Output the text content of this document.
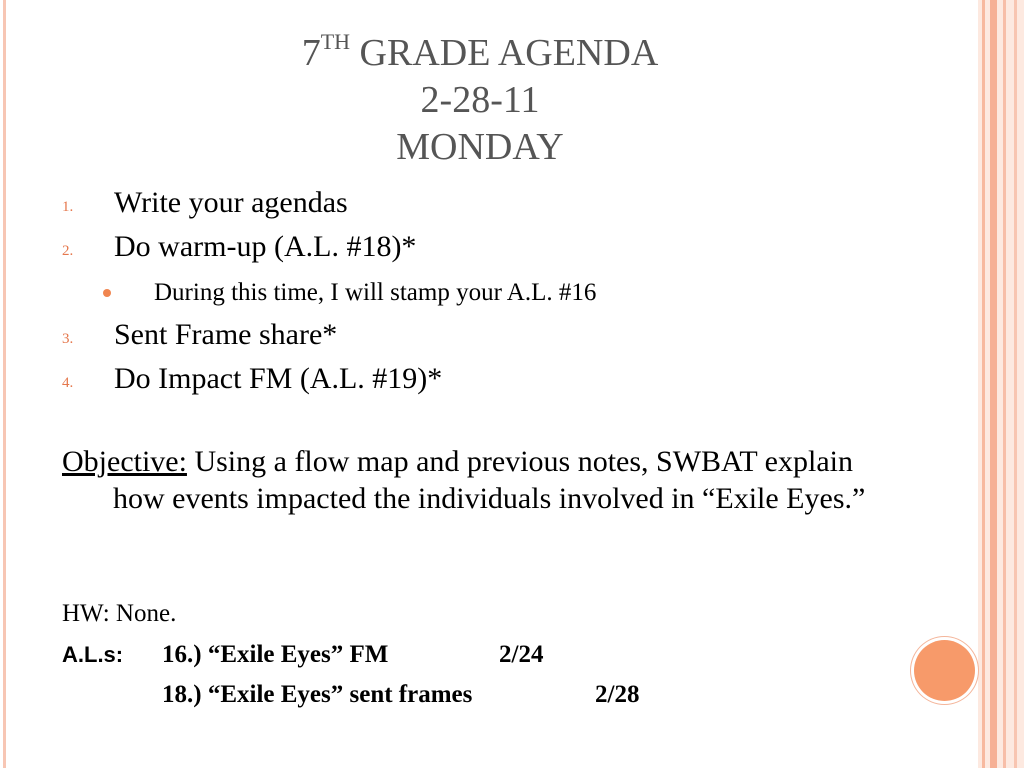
7TH GRADE AGENDA
2-28-11
MONDAY
1.	Write your agendas
2.	Do warm-up (A.L. #18)*
During this time, I will stamp your A.L. #16
3.	Sent Frame share*
4.	Do Impact FM (A.L. #19)*
Objective: Using a flow map and previous notes, SWBAT explain how events impacted the individuals involved in “Exile Eyes.”
HW: None.
A.L.s: 16.) “Exile Eyes” FM	2/24
18.) “Exile Eyes” sent frames	2/28
